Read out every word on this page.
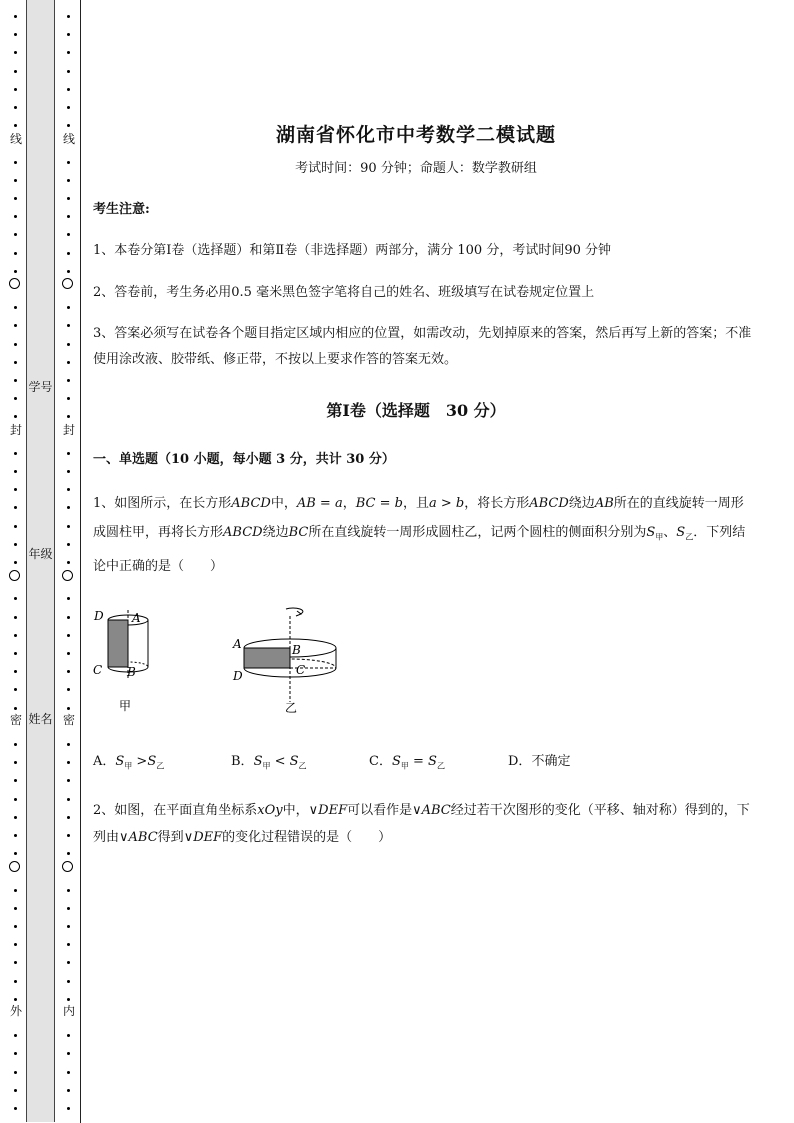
线
封
密
外
学号
年级
姓名
线
封
密
内
湖南省怀化市中考数学二模试题
考试时间：90 分钟；命题人：数学教研组
考生注意:
1、本卷分第Ⅰ卷（选择题）和第Ⅱ卷（非选择题）两部分，满分 100 分，考试时间90 分钟
2、答卷前，考生务必用0.5 毫米黑色签字笔将自己的姓名、班级填写在试卷规定位置上
3、答案必须写在试卷各个题目指定区域内相应的位置，如需改动，先划掉原来的答案，然后再写上新的答案；不准使用涂改液、胶带纸、修正带，不按以上要求作答的答案无效。
第Ⅰ卷（选择题　30 分）
一、单选题（10 小题，每小题 3 分，共计 30 分）
1、如图所示，在长方形ABCD中，AB = a，BC = b，且a > b，将长方形ABCD绕边AB所在的直线旋转一周形成圆柱甲，再将长方形ABCD绕边BC所在直线旋转一周形成圆柱乙，记两个圆柱的侧面积分别为$S_甲$、$S_乙$．下列结论中正确的是（　　）
D A
C B
甲
A	B
C
D
乙
A．$S_甲 >S_乙$	B．$S_甲 < S_乙$	C．$S_甲 = S_乙$	D．不确定
2、如图，在平面直角坐标系xOy中，∨DEF可以看作是∨ABC经过若干次图形的变化（平移、轴对称）得到的，下列由∨ABC得到∨DEF的变化过程错误的是（　　）
